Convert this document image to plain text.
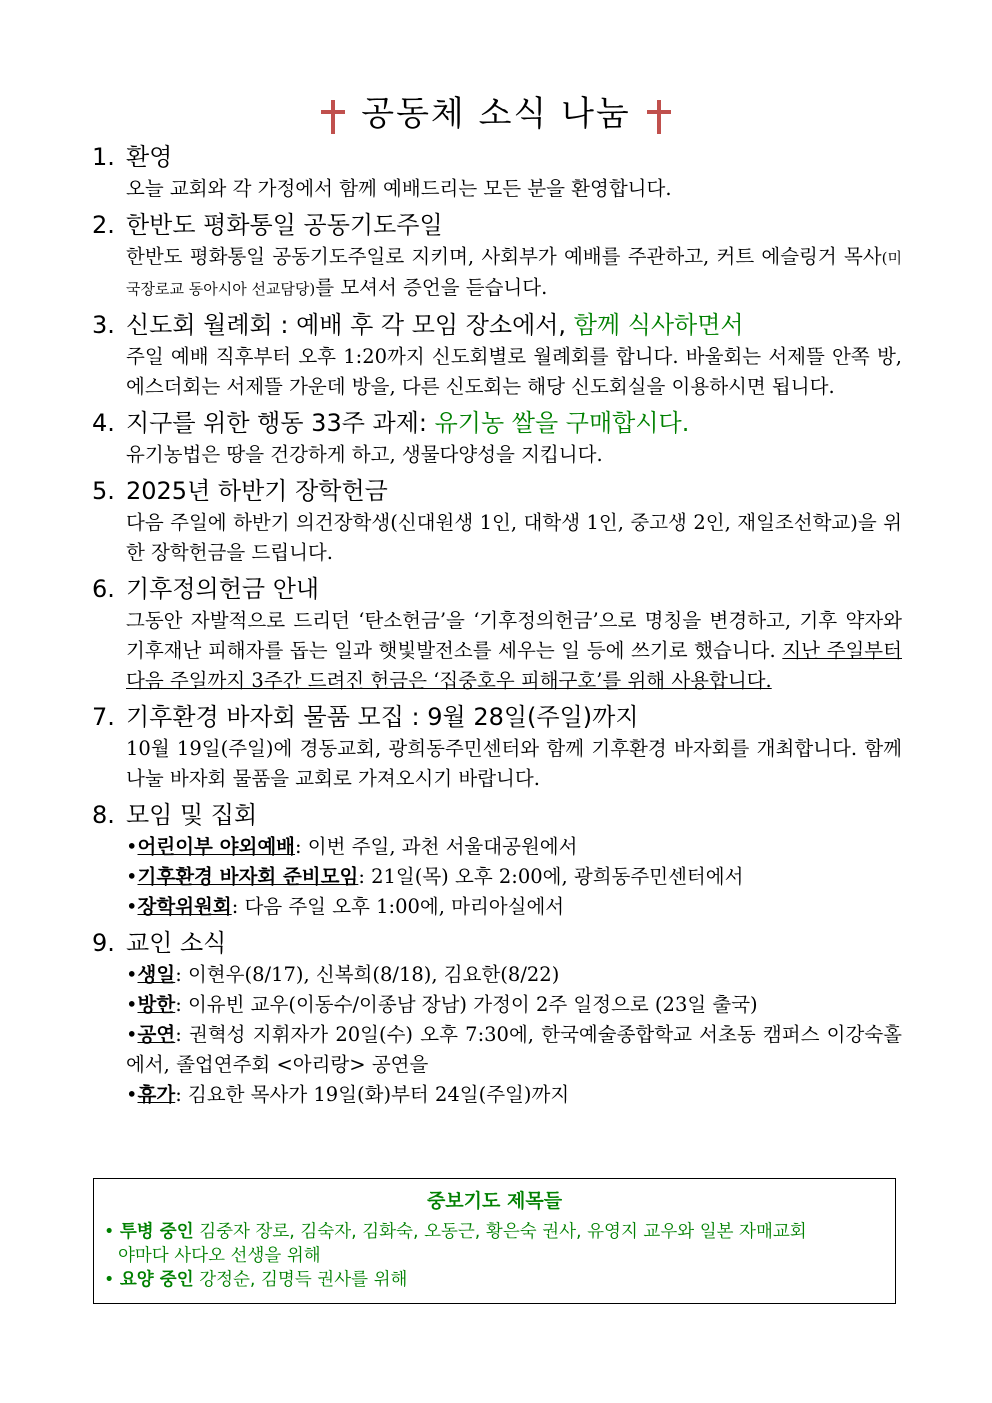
공동체 소식 나눔
1. 환영
오늘 교회와 각 가정에서 함께 예배드리는 모든 분을 환영합니다.
2. 한반도 평화통일 공동기도주일
한반도 평화통일 공동기도주일로 지키며, 사회부가 예배를 주관하고, 커트 에슬링거 목사(미국장로교 동아시아 선교담당)를 모셔서 증언을 듣습니다.
3. 신도회 월례회 : 예배 후 각 모임 장소에서, 함께 식사하면서
주일 예배 직후부터 오후 1:20까지 신도회별로 월례회를 합니다. 바울회는 서제뜰 안쪽 방, 에스더회는 서제뜰 가운데 방을, 다른 신도회는 해당 신도회실을 이용하시면 됩니다.
4. 지구를 위한 행동 33주 과제: 유기농 쌀을 구매합시다.
유기농법은 땅을 건강하게 하고, 생물다양성을 지킵니다.
5. 2025년 하반기 장학헌금
다음 주일에 하반기 의건장학생(신대원생 1인, 대학생 1인, 중고생 2인, 재일조선학교)을 위한 장학헌금을 드립니다.
6. 기후정의헌금 안내
그동안 자발적으로 드리던 ‘탄소헌금’을 ‘기후정의헌금’으로 명칭을 변경하고, 기후 약자와 기후재난 피해자를 돕는 일과 햇빛발전소를 세우는 일 등에 쓰기로 했습니다. 지난 주일부터 다음 주일까지 3주간 드려진 헌금은 ‘집중호우 피해구호’를 위해 사용합니다.
7. 기후환경 바자회 물품 모집 : 9월 28일(주일)까지
10월 19일(주일)에 경동교회, 광희동주민센터와 함께 기후환경 바자회를 개최합니다. 함께 나눌 바자회 물품을 교회로 가져오시기 바랍니다.
8. 모임 및 집회
•어린이부 야외예배: 이번 주일, 과천 서울대공원에서
•기후환경 바자회 준비모임: 21일(목) 오후 2:00에, 광희동주민센터에서
•장학위원회: 다음 주일 오후 1:00에, 마리아실에서
9. 교인 소식
•생일: 이현우(8/17), 신복희(8/18), 김요한(8/22)
•방한: 이유빈 교우(이동수/이종남 장남) 가정이 2주 일정으로 (23일 출국)
•공연: 권혁성 지휘자가 20일(수) 오후 7:30에, 한국예술종합학교 서초동 캠퍼스 이강숙홀에서, 졸업연주회 <아리랑> 공연을
•휴가: 김요한 목사가 19일(화)부터 24일(주일)까지
중보기도 제목들
• 투병 중인 김중자 장로, 김숙자, 김화숙, 오동근, 황은숙 권사, 유영지 교우와 일본 자매교회
야마다 사다오 선생을 위해
• 요양 중인 강정순, 김명득 권사를 위해
